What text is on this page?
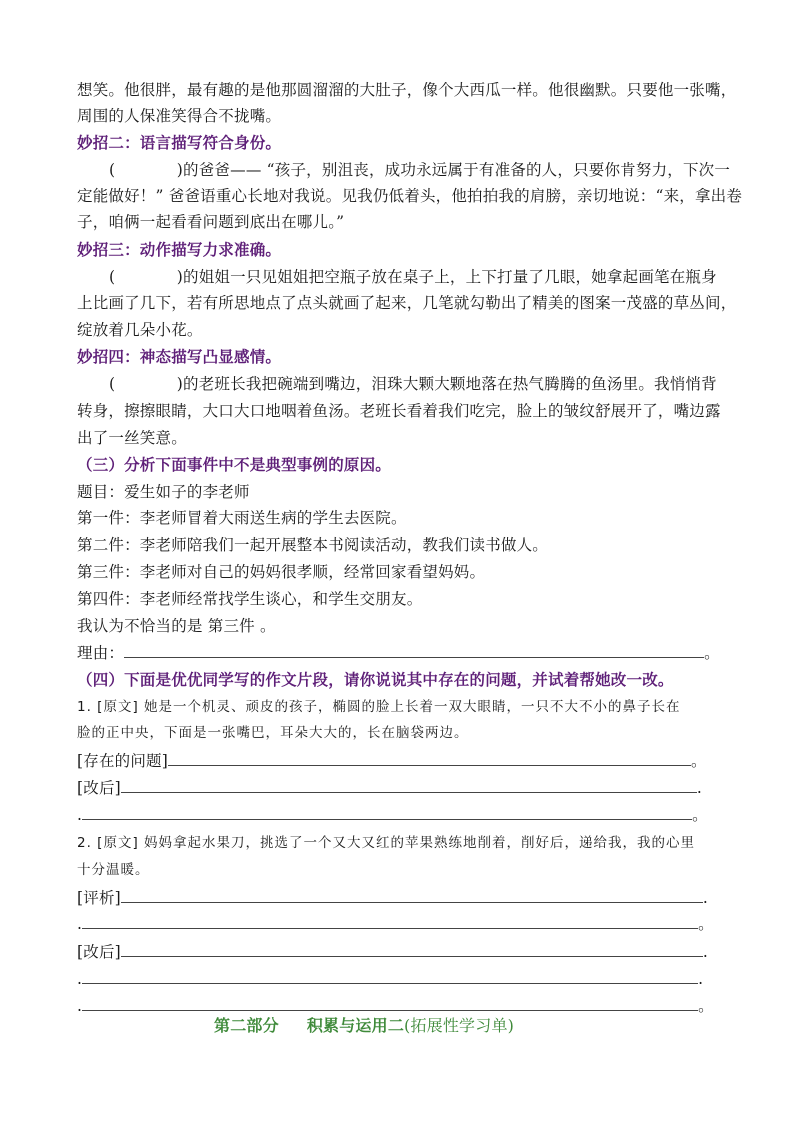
想笑。他很胖，最有趣的是他那圆溜溜的大肚子，像个大西瓜一样。他很幽默。只要他一张嘴，
周围的人保准笑得合不拢嘴。
妙招二：语言描写符合身份。
(            )的爸爸—— “孩子，别沮丧，成功永远属于有准备的人，只要你肯努力，下次一
定能做好！” 爸爸语重心长地对我说。见我仍低着头，他拍拍我的肩膀，亲切地说：“来，拿出卷
子，咱俩一起看看问题到底出在哪儿。”
妙招三：动作描写力求准确。
(            )的姐姐一只见姐姐把空瓶子放在桌子上，上下打量了几眼，她拿起画笔在瓶身
上比画了几下，若有所思地点了点头就画了起来，几笔就勾勒出了精美的图案一茂盛的草丛间，
绽放着几朵小花。
妙招四：神态描写凸显感情。
(            )的老班长我把碗端到嘴边，泪珠大颗大颗地落在热气腾腾的鱼汤里。我悄悄背
转身，擦擦眼睛，大口大口地咽着鱼汤。老班长看着我们吃完，脸上的皱纹舒展开了，嘴边露
出了一丝笑意。
（三）分析下面事件中不是典型事例的原因。
题目：爱生如子的李老师
第一件：李老师冒着大雨送生病的学生去医院。
第二件：李老师陪我们一起开展整本书阅读活动，教我们读书做人。
第三件：李老师对自己的妈妈很孝顺，经常回家看望妈妈。
第四件：李老师经常找学生谈心，和学生交朋友。
我认为不恰当的是 第三件 。
理由：	。
（四）下面是优优同学写的作文片段，请你说说其中存在的问题，并试着帮她改一改。
1. [原文] 她是一个机灵、顽皮的孩子，椭圆的脸上长着一双大眼睛，一只不大不小的鼻子长在
脸的正中央，下面是一张嘴巴，耳朵大大的，长在脑袋两边。
[存在的问题]	。
[改后]	.
.	。
2. [原文] 妈妈拿起水果刀，挑选了一个又大又红的苹果熟练地削着，削好后，递给我，我的心里
十分温暖。
[评析]	.
.	。
[改后]	.
.	.
.	。
第二部分 积累与运用二(拓展性学习单)
